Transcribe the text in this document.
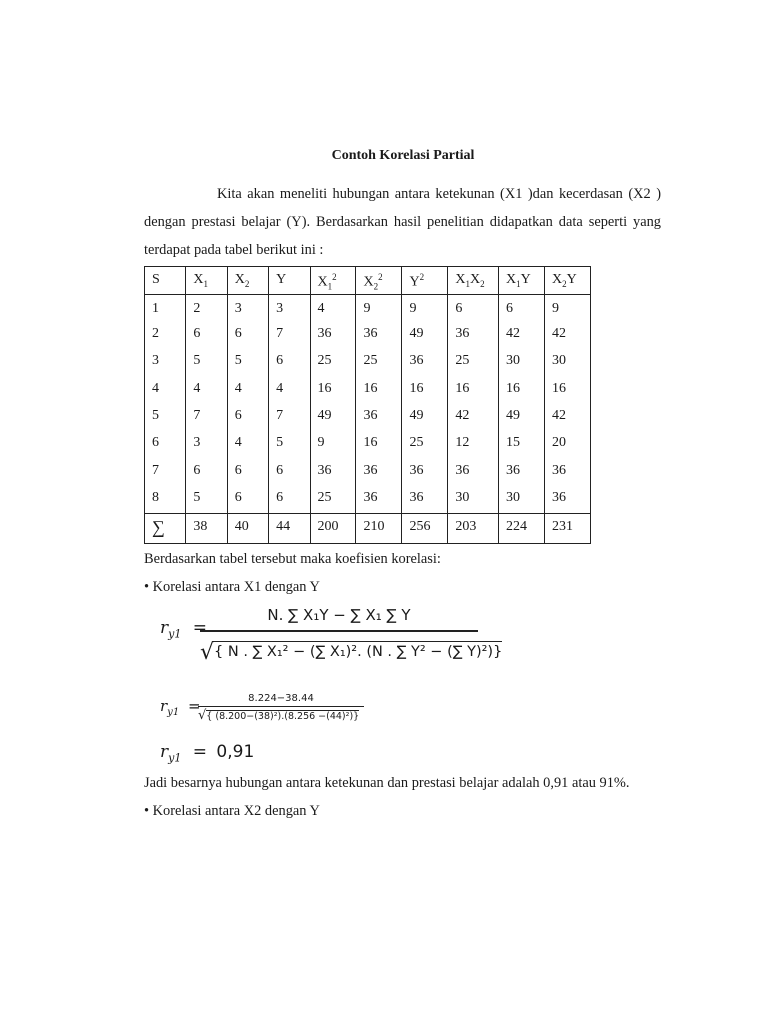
Contoh Korelasi Partial
Kita akan meneliti hubungan antara ketekunan (X1 )dan kecerdasan (X2 )
dengan prestasi belajar (Y). Berdasarkan hasil penelitian didapatkan data seperti yang
terdapat pada tabel berikut ini :
S	$X_1$	$X_2$	Y	$X_1^2$	$X_2^2$	$Y^2$	$X_1X_2$	$X_1Y$	$X_2Y$
1	2	3	3	4	9	9	6	6	9
2	6	6	7	36	36	49	36	42	42
3	5	5	6	25	25	36	25	30	30
4	4	4	4	16	16	16	16	16	16
5	7	6	7	49	36	49	42	49	42
6	3	4	5	9	16	25	12	15	20
7	6	6	6	36	36	36	36	36	36
8	5	6	6	25	36	36	30	30	36
∑	38	40	44	200	210	256	203	224	231
Berdasarkan tabel tersebut maka koefisien korelasi:
• Korelasi antara X1 dengan Y
$r_{y1}$ =
N. ∑ X₁Y − ∑ X₁ ∑ Y
√{ N . ∑ X₁² − (∑ X₁)². (N . ∑ Y² − (∑ Y)²)}
$r_{y1}$ =	8.224−38.44
√{ (8.200−(38)²).(8.256 −(44)²)}
$r_{y1} = 0,91$
Jadi besarnya hubungan antara ketekunan dan prestasi belajar adalah 0,91 atau 91%.
• Korelasi antara X2 dengan Y
